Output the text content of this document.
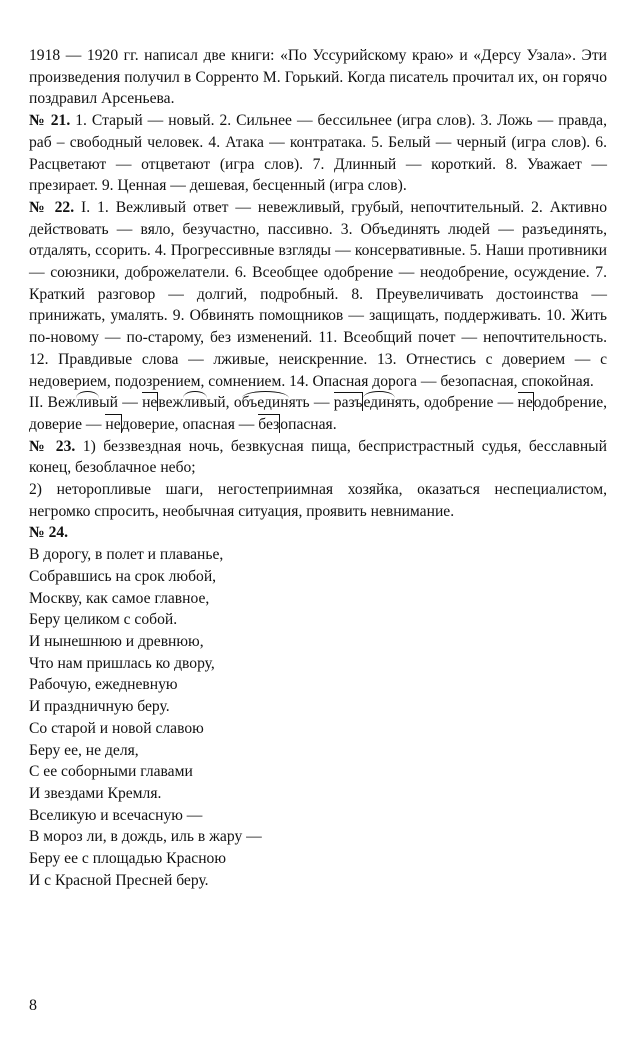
1918 — 1920 гг. написал две книги: «По Уссурийскому краю» и «Дерсу Узала». Эти произведения получил в Сорренто М. Горький. Когда писатель прочитал их, он горячо поздравил Арсеньева.

№ 21. 1. Старый — новый. 2. Сильнее — бессильнее (игра слов). 3. Ложь — правда, раб – свободный человек. 4. Атака — контратака. 5. Белый — черный (игра слов). 6. Расцветают — отцветают (игра слов). 7. Длинный — короткий. 8. Уважает — презирает. 9. Ценная — дешевая, бесценный (игра слов).

№ 22. I. 1. Вежливый ответ — невежливый, грубый, непочтительный. 2. Активно действовать — вяло, безучастно, пассивно. 3. Объединять людей — разъединять, отдалять, ссорить. 4. Прогрессивные взгляды — консервативные. 5. Наши противники — союзники, доброжелатели. 6. Всеобщее одобрение — неодобрение, осуждение. 7. Краткий разговор — долгий, подробный. 8. Преувеличивать достоинства — принижать, умалять. 9. Обвинять помощников — защищать, поддерживать. 10. Жить по-новому — по-старому, без изменений. 11. Всеобщий почет — непочтительность. 12. Правдивые слова — лживые, неискренние. 13. Отнестись с доверием — с недоверием, подозрением, сомнением. 14. Опасная дорога — безопасная, спокойная.

II. Вежливый — невежливый, объединять — разъединять, одобрение — неодобрение, доверие — недоверие, опасная — безопасная.

№ 23. 1) беззвездная ночь, безвкусная пища, беспристрастный судья, бесславный конец, безоблачное небо;

2) неторопливые шаги, негостеприимная хозяйка, оказаться неспециалистом, негромко спросить, необычная ситуация, проявить невнимание.

№ 24.

В дорогу, в полет и плаванье,
Собравшись на срок любой,
Москву, как самое главное,
Беру целиком с собой.
И нынешнюю и древнюю,
Что нам пришлась ко двору,
Рабочую, ежедневную
И праздничную беру.
Со старой и новой славою
Беру ее, не деля,
С ее соборными главами
И звездами Кремля.
Вселикую и всечасную —
В мороз ли, в дождь, иль в жару —
Беру ее с площадью Красною
И с Красной Пресней беру.
8
